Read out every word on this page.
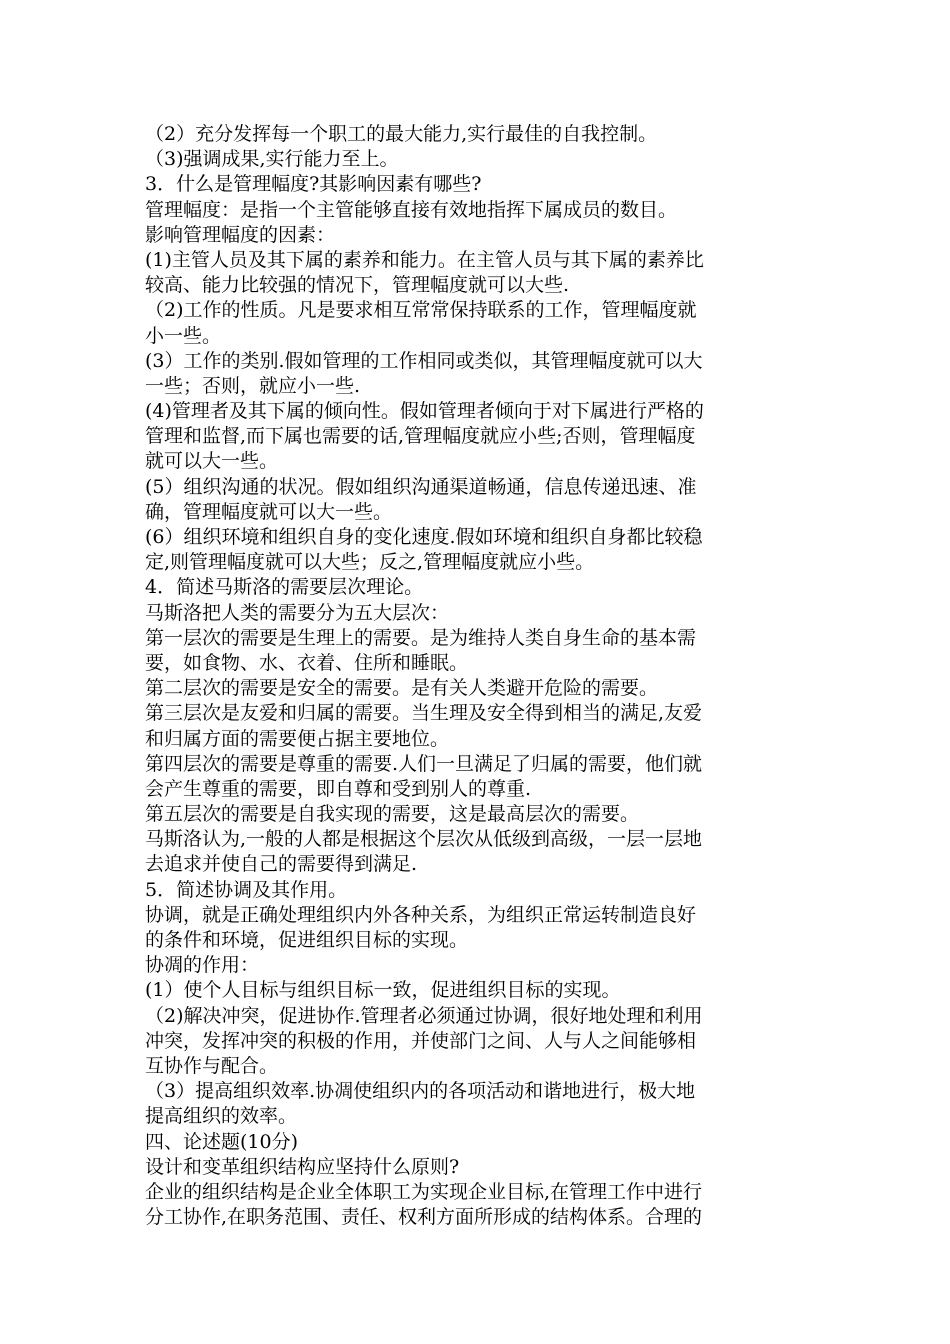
（2）充分发挥每一个职工的最大能力,实行最佳的自我控制。
（3)强调成果,实行能力至上。
3．什么是管理幅度?其影响因素有哪些?
管理幅度：是指一个主管能够直接有效地指挥下属成员的数目。
影响管理幅度的因素：
(1)主管人员及其下属的素养和能力。在主管人员与其下属的素养比
较高、能力比较强的情况下，管理幅度就可以大些.
（2)工作的性质。凡是要求相互常常保持联系的工作，管理幅度就
小一些。
(3）工作的类别.假如管理的工作相同或类似，其管理幅度就可以大
一些；否则，就应小一些.
(4)管理者及其下属的倾向性。假如管理者倾向于对下属进行严格的
管理和监督,而下属也需要的话,管理幅度就应小些;否则，管理幅度
就可以大一些。
(5）组织沟通的状况。假如组织沟通渠道畅通，信息传递迅速、准
确，管理幅度就可以大一些。
(6）组织环境和组织自身的变化速度.假如环境和组织自身都比较稳
定,则管理幅度就可以大些；反之,管理幅度就应小些。
4．简述马斯洛的需要层次理论。
马斯洛把人类的需要分为五大层次：
第一层次的需要是生理上的需要。是为维持人类自身生命的基本需
要，如食物、水、衣着、住所和睡眠。
第二层次的需要是安全的需要。是有关人类避开危险的需要。
第三层次是友爱和归属的需要。当生理及安全得到相当的满足,友爱
和归属方面的需要便占据主要地位。
第四层次的需要是尊重的需要.人们一旦满足了归属的需要，他们就
会产生尊重的需要，即自尊和受到别人的尊重.
第五层次的需要是自我实现的需要，这是最高层次的需要。
马斯洛认为,一般的人都是根据这个层次从低级到高级，一层一层地
去追求并使自己的需要得到满足.
5．简述协调及其作用。
协调，就是正确处理组织内外各种关系，为组织正常运转制造良好
的条件和环境，促进组织目标的实现。
协凋的作用：
(1）使个人目标与组织目标一致，促进组织目标的实现。
（2)解决冲突，促进协作.管理者必须通过协调，很好地处理和利用
冲突，发挥冲突的积极的作用，并使部门之间、人与人之间能够相
互协作与配合。
（3）提高组织效率.协凋使组织内的各项活动和谐地进行，极大地
提高组织的效率。
四、论述题(10分)
设计和变革组织结构应坚持什么原则?
企业的组织结构是企业全体职工为实现企业目标,在管理工作中进行
分工协作,在职务范围、责任、权利方面所形成的结构体系。合理的
